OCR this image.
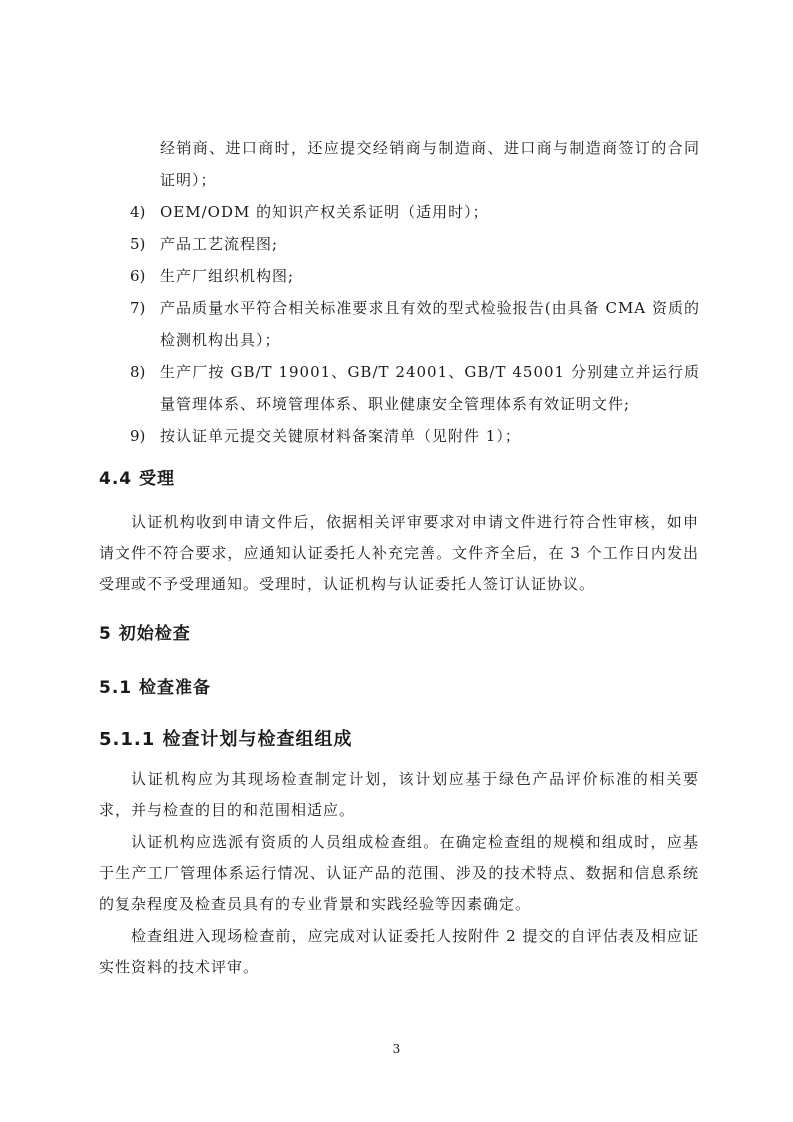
经销商、进口商时，还应提交经销商与制造商、进口商与制造商签订的合同证明）；
4) OEM/ODM 的知识产权关系证明（适用时）；
5) 产品工艺流程图;
6) 生产厂组织机构图;
7) 产品质量水平符合相关标准要求且有效的型式检验报告(由具备 CMA 资质的检测机构出具）；
8) 生产厂按 GB/T 19001、GB/T 24001、GB/T 45001 分别建立并运行质量管理体系、环境管理体系、职业健康安全管理体系有效证明文件;
9) 按认证单元提交关键原材料备案清单（见附件 1）；
4.4 受理

认证机构收到申请文件后，依据相关评审要求对申请文件进行符合性审核，如申请文件不符合要求，应通知认证委托人补充完善。文件齐全后，在 3 个工作日内发出受理或不予受理通知。受理时，认证机构与认证委托人签订认证协议。

5 初始检查
5.1 检查准备
5.1.1 检查计划与检查组组成

认证机构应为其现场检查制定计划，该计划应基于绿色产品评价标准的相关要求，并与检查的目的和范围相适应。

认证机构应选派有资质的人员组成检查组。在确定检查组的规模和组成时，应基于生产工厂管理体系运行情况、认证产品的范围、涉及的技术特点、数据和信息系统的复杂程度及检查员具有的专业背景和实践经验等因素确定。

检查组进入现场检查前，应完成对认证委托人按附件 2 提交的自评估表及相应证实性资料的技术评审。

3
